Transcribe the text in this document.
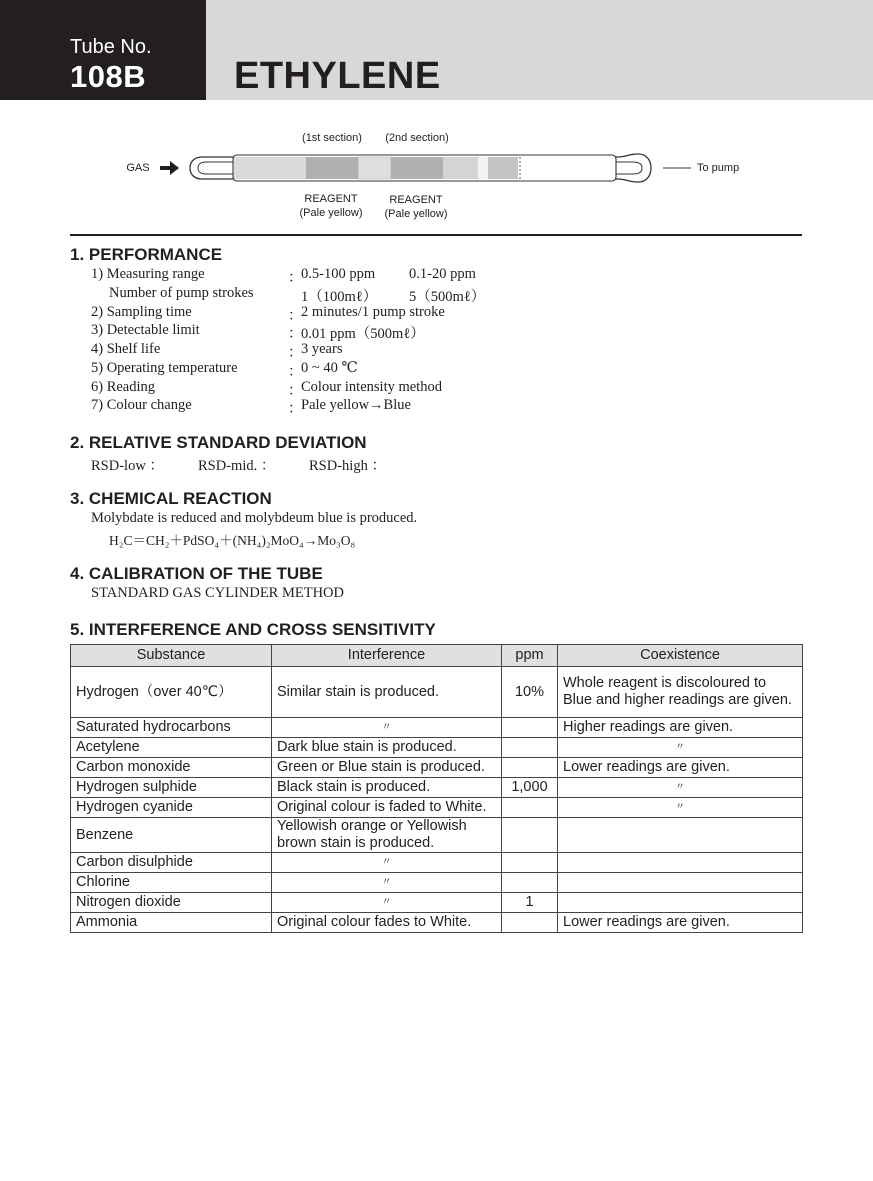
Tube No.
108B ETHYLENE
(1st section)	(2nd section)
GAS	To pump
REAGENT
(Pale yellow)
REAGENT
(Pale yellow)
1. PERFORMANCE
1) Measuring range	：
0.5-100 ppm 0.1-20 ppm
Number of pump strokes	1（100mℓ） 5（500mℓ）
2) Sampling time	：
2 minutes/1 pump stroke
3) Detectable limit	：
0.01 ppm（500mℓ）
4) Shelf life	：
3 years
5) Operating temperature	：
0 ~ 40 ℃
6) Reading	：
Colour intensity method
7) Colour change	：
Pale yellow→Blue
2. RELATIVE STANDARD DEVIATION
RSD-low ： RSD-mid. ： RSD-high ：
3. CHEMICAL REACTION
Molybdate is reduced and molybdeum blue is produced.
H₂C＝CH₂＋PdSO₄＋(NH₄)₂MoO₄→Mo₃O₈
4. CALIBRATION OF THE TUBE
STANDARD GAS CYLINDER METHOD
5. INTERFERENCE AND CROSS SENSITIVITY
Substance	Interference	ppm	Coexistence
Hydrogen（over 40℃）	Similar stain is produced.	10%	Whole reagent is discoloured to Blue and higher readings are given.
Saturated hydrocarbons	〃		Higher readings are given.
Acetylene	Dark blue stain is produced.		〃
Carbon monoxide	Green or Blue stain is produced.		Lower readings are given.
Hydrogen sulphide	Black stain is produced.	1,000	〃
Hydrogen cyanide	Original colour is faded to White.		〃
Benzene	Yellowish orange or Yellowish brown stain is produced.		
Carbon disulphide	〃		
Chlorine	〃		
Nitrogen dioxide	〃	1	
Ammonia	Original colour fades to White.		Lower readings are given.
